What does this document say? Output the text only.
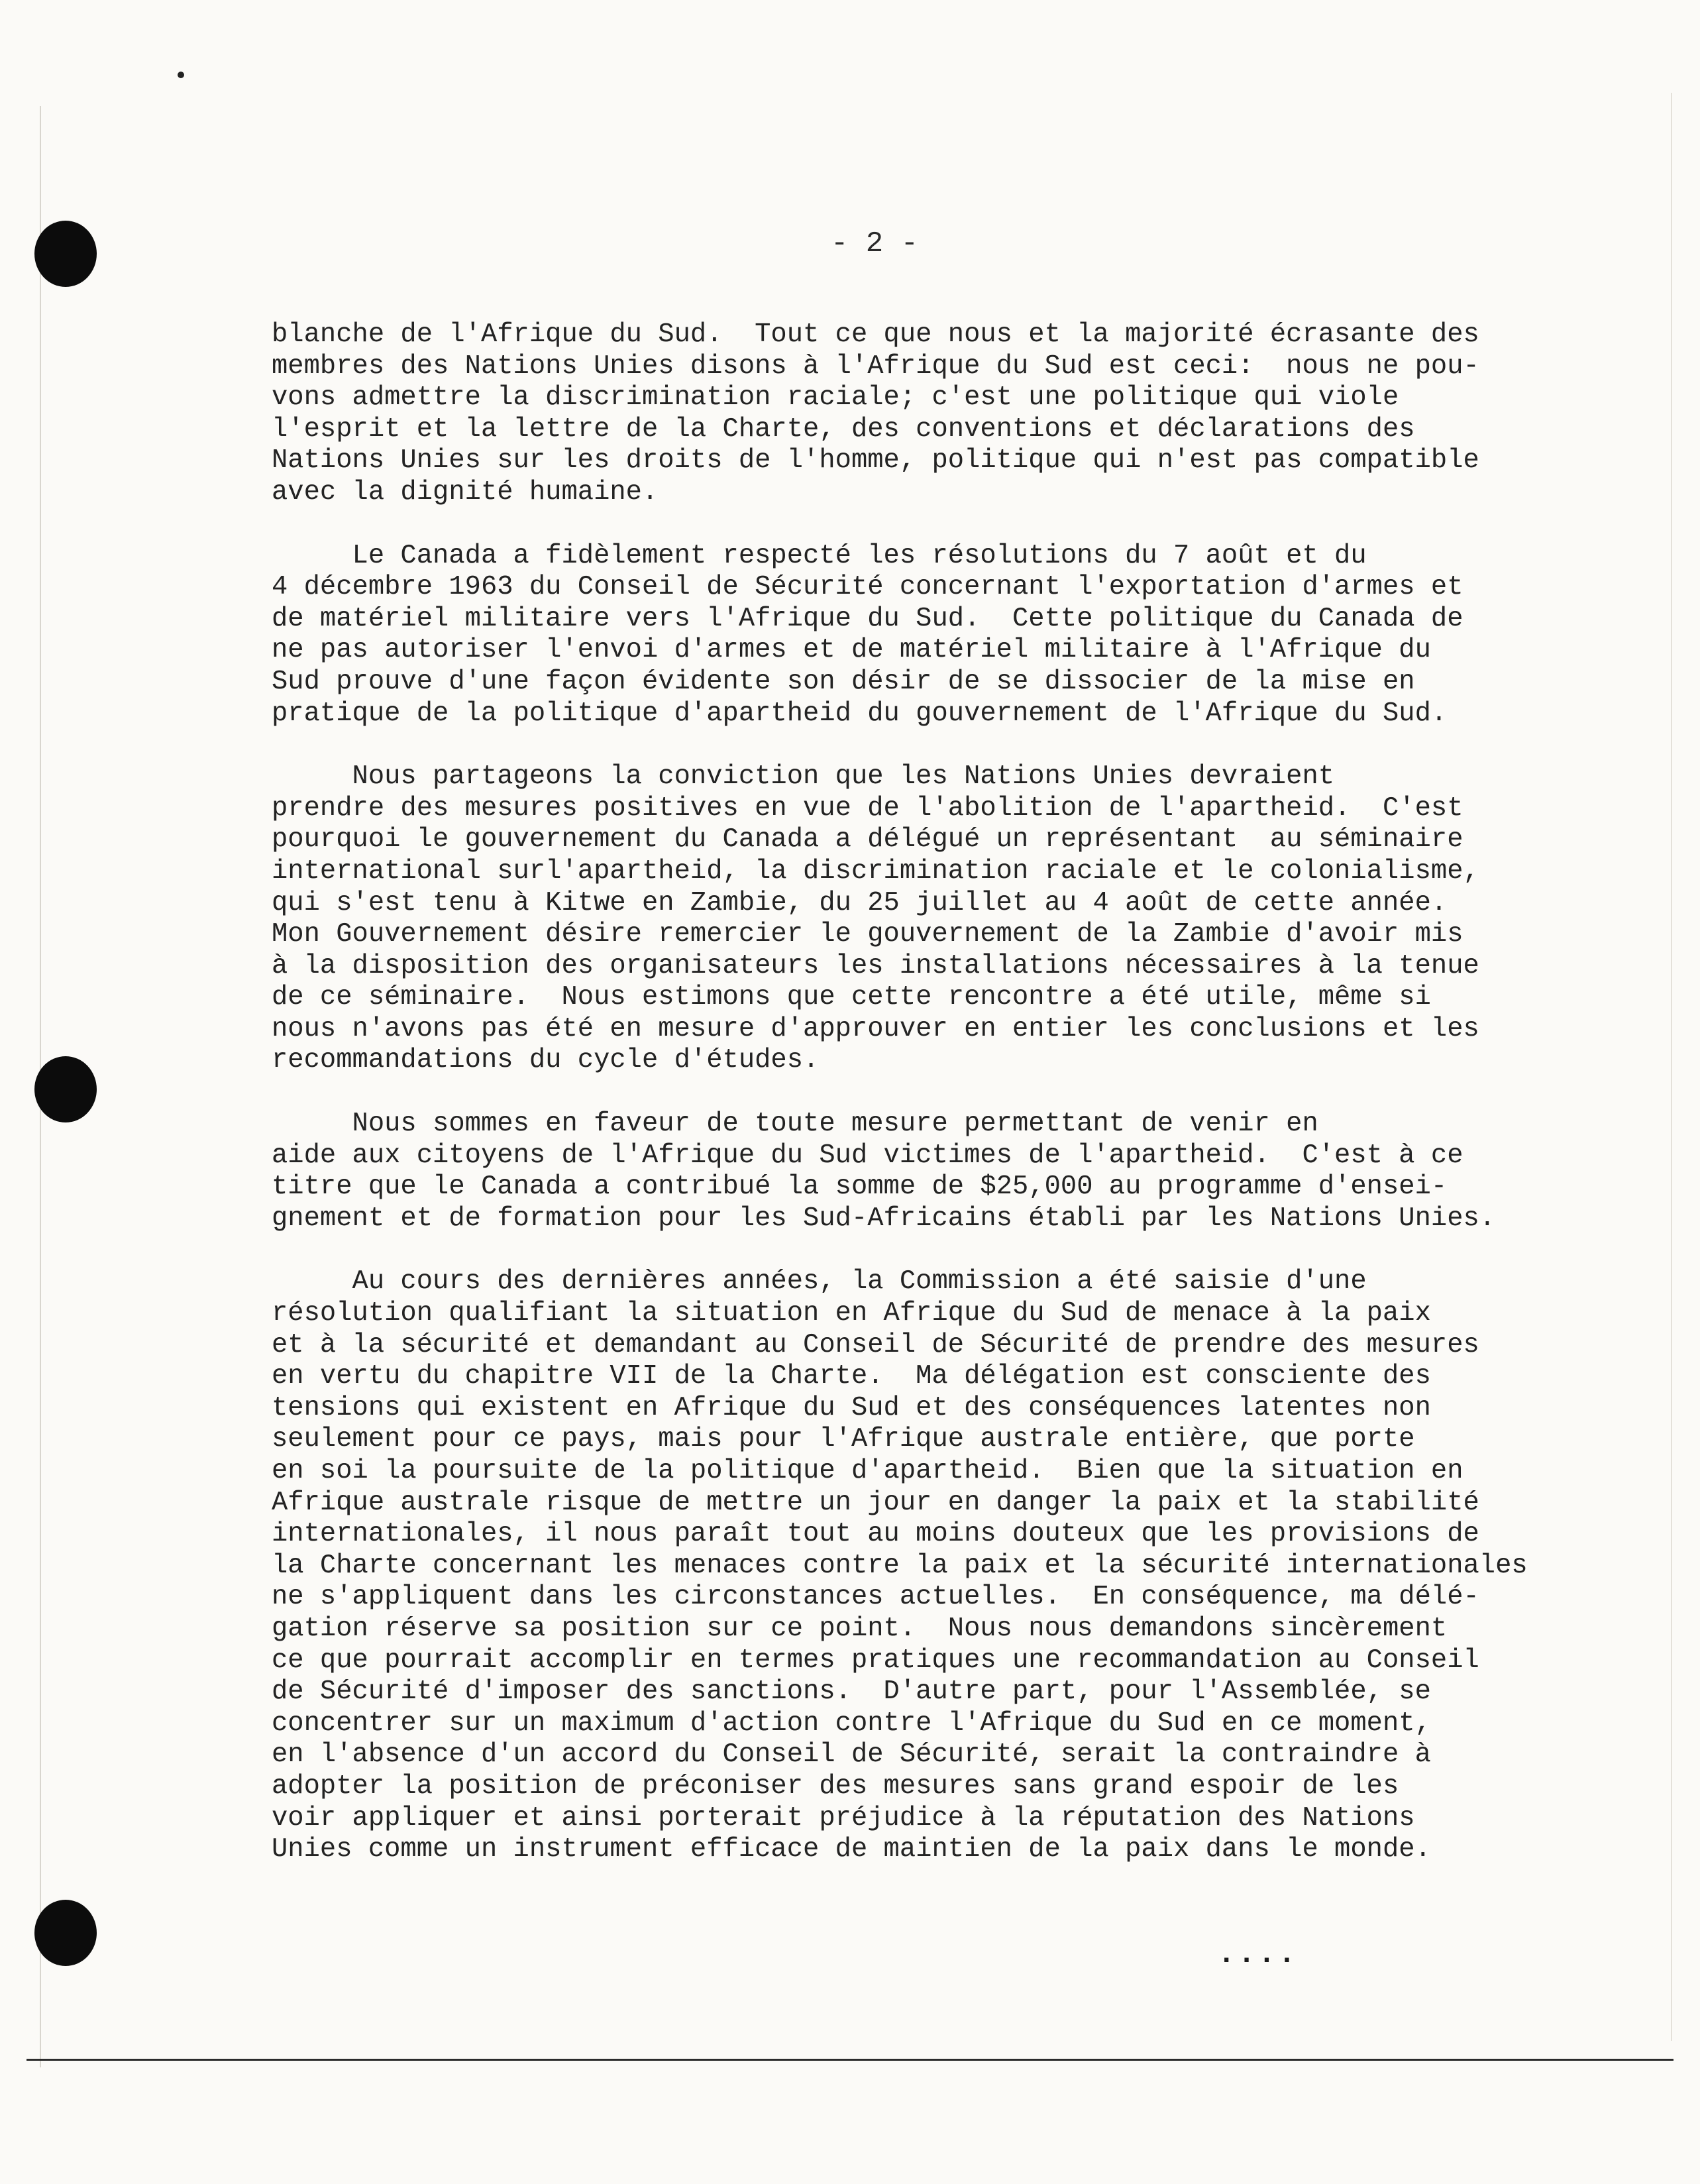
- 2 -

blanche de l'Afrique du Sud.  Tout ce que nous et la majorité écrasante des
membres des Nations Unies disons à l'Afrique du Sud est ceci:  nous ne pou-
vons admettre la discrimination raciale; c'est une politique qui viole
l'esprit et la lettre de la Charte, des conventions et déclarations des
Nations Unies sur les droits de l'homme, politique qui n'est pas compatible
avec la dignité humaine.

Le Canada a fidèlement respecté les résolutions du 7 août et du
4 décembre 1963 du Conseil de Sécurité concernant l'exportation d'armes et
de matériel militaire vers l'Afrique du Sud.  Cette politique du Canada de
ne pas autoriser l'envoi d'armes et de matériel militaire à l'Afrique du
Sud prouve d'une façon évidente son désir de se dissocier de la mise en
pratique de la politique d'apartheid du gouvernement de l'Afrique du Sud.

Nous partageons la conviction que les Nations Unies devraient
prendre des mesures positives en vue de l'abolition de l'apartheid.  C'est
pourquoi le gouvernement du Canada a délégué un représentant  au séminaire
international surl'apartheid, la discrimination raciale et le colonialisme,
qui s'est tenu à Kitwe en Zambie, du 25 juillet au 4 août de cette année.
Mon Gouvernement désire remercier le gouvernement de la Zambie d'avoir mis
à la disposition des organisateurs les installations nécessaires à la tenue
de ce séminaire.  Nous estimons que cette rencontre a été utile, même si
nous n'avons pas été en mesure d'approuver en entier les conclusions et les
recommandations du cycle d'études.

Nous sommes en faveur de toute mesure permettant de venir en
aide aux citoyens de l'Afrique du Sud victimes de l'apartheid.  C'est à ce
titre que le Canada a contribué la somme de $25,000 au programme d'ensei-
gnement et de formation pour les Sud-Africains établi par les Nations Unies.

Au cours des dernières années, la Commission a été saisie d'une
résolution qualifiant la situation en Afrique du Sud de menace à la paix
et à la sécurité et demandant au Conseil de Sécurité de prendre des mesures
en vertu du chapitre VII de la Charte.  Ma délégation est consciente des
tensions qui existent en Afrique du Sud et des conséquences latentes non
seulement pour ce pays, mais pour l'Afrique australe entière, que porte
en soi la poursuite de la politique d'apartheid.  Bien que la situation en
Afrique australe risque de mettre un jour en danger la paix et la stabilité
internationales, il nous paraît tout au moins douteux que les provisions de
la Charte concernant les menaces contre la paix et la sécurité internationales
ne s'appliquent dans les circonstances actuelles.  En conséquence, ma délé-
gation réserve sa position sur ce point.  Nous nous demandons sincèrement
ce que pourrait accomplir en termes pratiques une recommandation au Conseil
de Sécurité d'imposer des sanctions.  D'autre part, pour l'Assemblée, se
concentrer sur un maximum d'action contre l'Afrique du Sud en ce moment,
en l'absence d'un accord du Conseil de Sécurité, serait la contraindre à
adopter la position de préconiser des mesures sans grand espoir de les
voir appliquer et ainsi porterait préjudice à la réputation des Nations
Unies comme un instrument efficace de maintien de la paix dans le monde.

....
